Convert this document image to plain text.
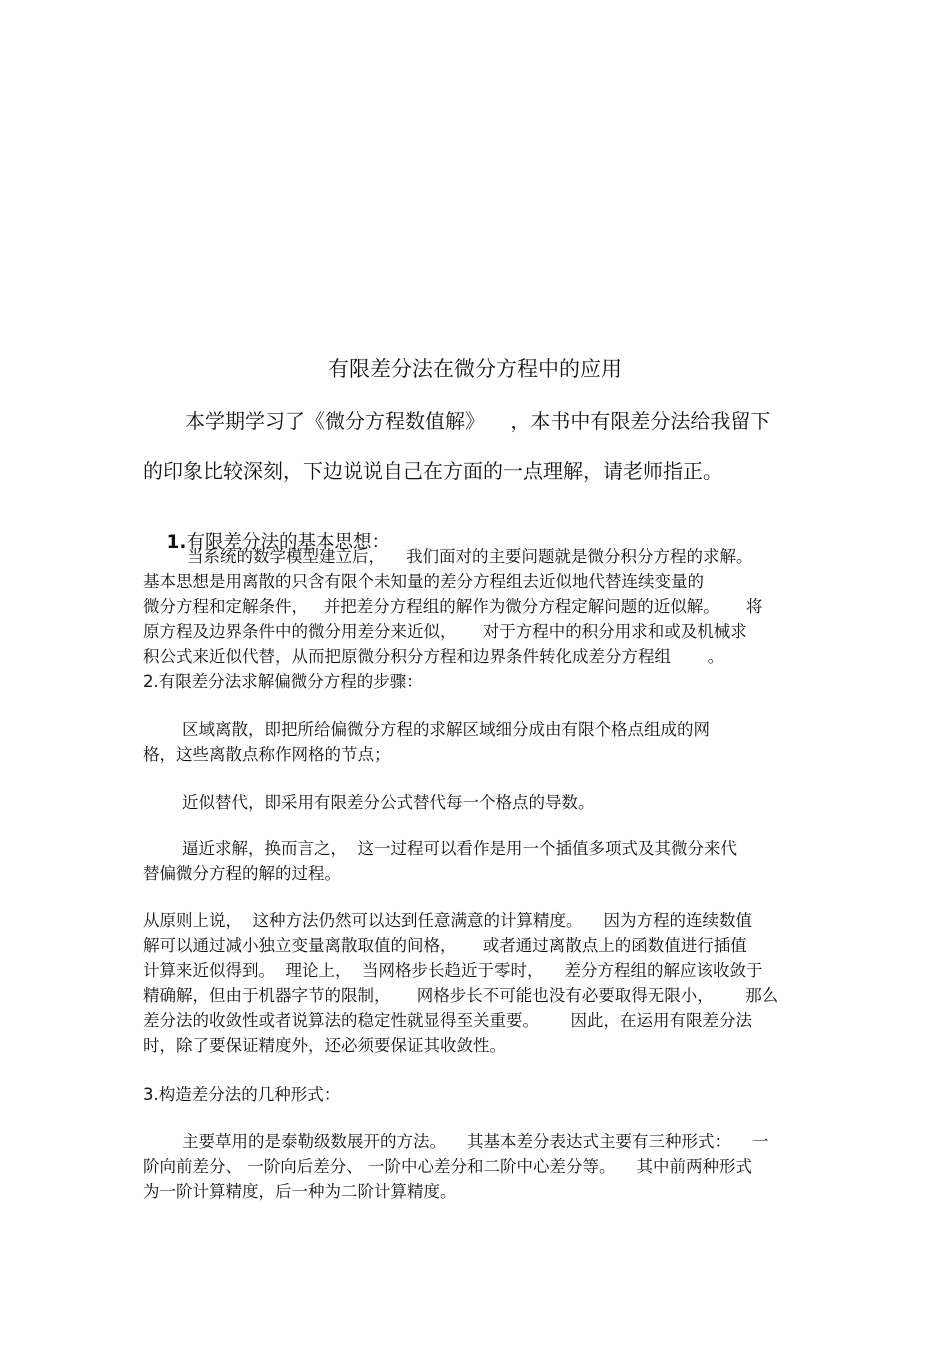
有限差分法在微分方程中的应用

本学期学习了《微分方程数值解》    ，本书中有限差分法给我留下

的印象比较深刻，下边说说自己在方面的一点理解，请老师指正。

1.有限差分法的基本思想：

当系统的数学模型建立后，    我们面对的主要问题就是微分积分方程的求解。

基本思想是用离散的只含有限个未知量的差分方程组去近似地代替连续变量的

微分方程和定解条件，   并把差分方程组的解作为微分方程定解问题的近似解。     将

原方程及边界条件中的微分用差分来近似，     对于方程中的积分用求和或及机械求

积公式来近似代替，从而把原微分积分方程和边界条件转化成差分方程组       。

2.有限差分法求解偏微分方程的步骤：

区域离散，即把所给偏微分方程的求解区域细分成由有限个格点组成的网

格，这些离散点称作网格的节点；

近似替代，即采用有限差分公式替代每一个格点的导数。

逼近求解，换而言之，  这一过程可以看作是用一个插值多项式及其微分来代

替偏微分方程的解的过程。

从原则上说，  这种方法仍然可以达到任意满意的计算精度。    因为方程的连续数值

解可以通过减小独立变量离散取值的间格，     或者通过离散点上的函数值进行插值

计算来近似得到。  理论上，  当网格步长趋近于零时，    差分方程组的解应该收敛于

精确解，但由于机器字节的限制，     网格步长不可能也没有必要取得无限小，      那么

差分法的收敛性或者说算法的稳定性就显得至关重要。      因此，在运用有限差分法

时，除了要保证精度外，还必须要保证其收敛性。

3.构造差分法的几种形式：

主要草用的是泰勒级数展开的方法。    其基本差分表达式主要有三种形式：    一

阶向前差分、 一阶向后差分、 一阶中心差分和二阶中心差分等。    其中前两种形式

为一阶计算精度，后一种为二阶计算精度。
